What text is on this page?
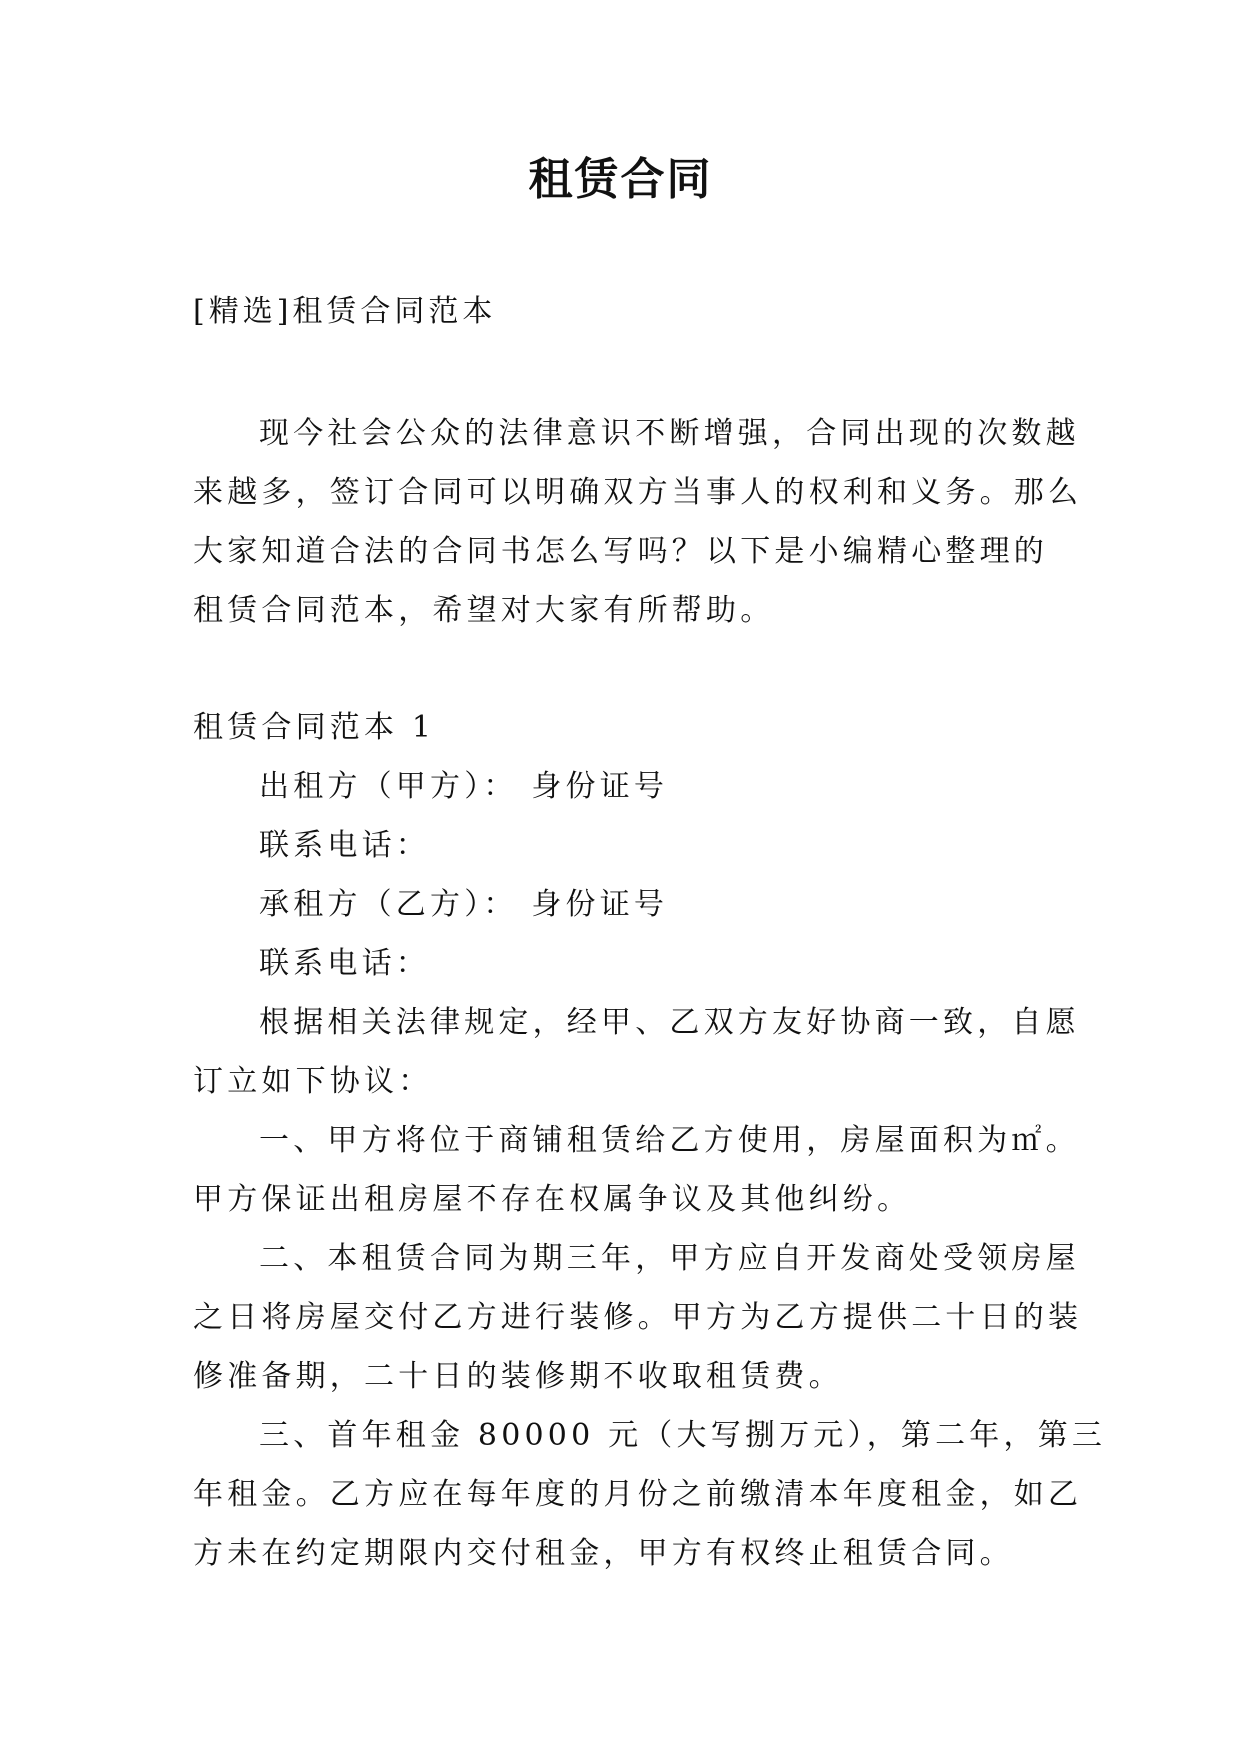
租赁合同

[精选]租赁合同范本

现今社会公众的法律意识不断增强，合同出现的次数越

来越多，签订合同可以明确双方当事人的权利和义务。那么

大家知道合法的合同书怎么写吗？以下是小编精心整理的

租赁合同范本，希望对大家有所帮助。

租赁合同范本 1

出租方（甲方）： 身份证号

联系电话：

承租方（乙方）： 身份证号

联系电话：

根据相关法律规定，经甲、乙双方友好协商一致，自愿

订立如下协议：

一、甲方将位于商铺租赁给乙方使用，房屋面积为㎡。

甲方保证出租房屋不存在权属争议及其他纠纷。

二、本租赁合同为期三年，甲方应自开发商处受领房屋

之日将房屋交付乙方进行装修。甲方为乙方提供二十日的装

修准备期，二十日的装修期不收取租赁费。

三、首年租金 80000 元（大写捌万元），第二年，第三

年租金。乙方应在每年度的月份之前缴清本年度租金，如乙

方未在约定期限内交付租金，甲方有权终止租赁合同。
